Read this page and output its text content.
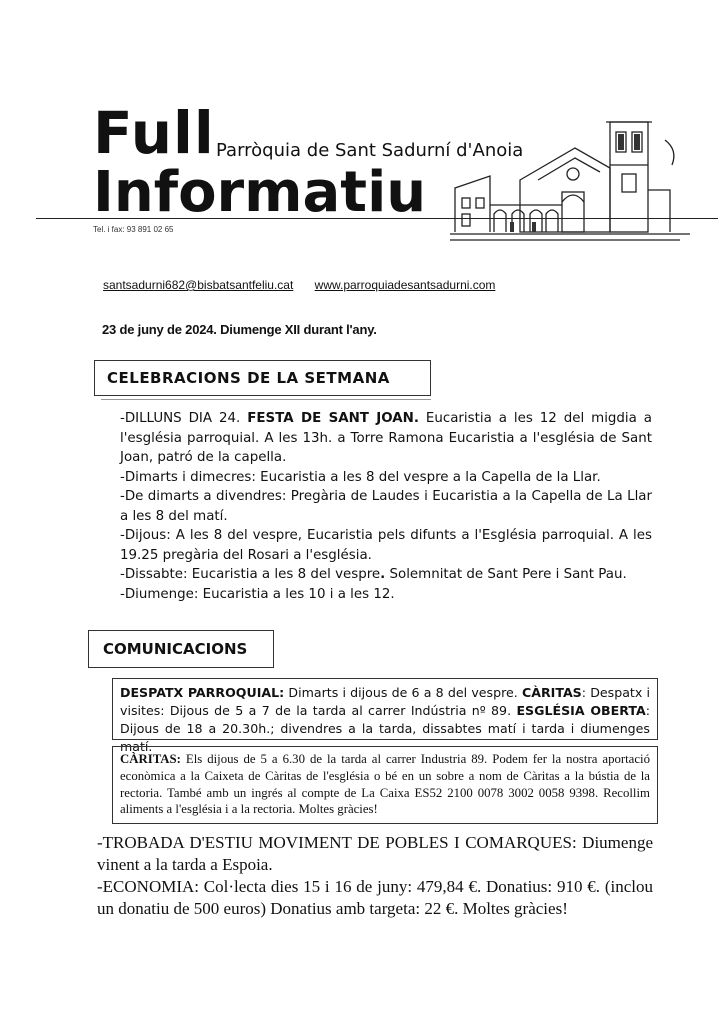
Full Parròquia de Sant Sadurní d'Anoia
Informatiu
Tel. i fax: 93 891 02 65
santsadurni682@bisbatsantfeliu.cat www.parroquiadesantsadurni.com
23 de juny de 2024. Diumenge XII durant l'any.
CELEBRACIONS DE LA SETMANA

-DILLUNS DIA 24. FESTA DE SANT JOAN. Eucaristia a les 12 del migdia a l'església parroquial. A les 13h. a Torre Ramona Eucaristia a l'església de Sant Joan, patró de la capella.

-Dimarts i dimecres: Eucaristia a les 8 del vespre a la Capella de la Llar.

-De dimarts a divendres: Pregària de Laudes i Eucaristia a la Capella de La Llar a les 8 del matí.

-Dijous: A les 8 del vespre, Eucaristia pels difunts a l'Església parroquial. A les 19.25 pregària del Rosari a l'església.

-Dissabte: Eucaristia a les 8 del vespre. Solemnitat de Sant Pere i Sant Pau.

-Diumenge: Eucaristia a les 10 i a les 12.

COMUNICACIONS
DESPATX PARROQUIAL: Dimarts i dijous de 6 a 8 del vespre. CÀRITAS: Despatx i visites: Dijous de 5 a 7 de la tarda al carrer Indústria nº 89. ESGLÉSIA OBERTA: Dijous de 18 a 20.30h.; divendres a la tarda, dissabtes matí i tarda i diumenges matí.
CÀRITAS: Els dijous de 5 a 6.30 de la tarda al carrer Industria 89. Podem fer la nostra aportació econòmica a la Caixeta de Càritas de l'església o bé en un sobre a nom de Càritas a la bústia de la rectoria. També amb un ingrés al compte de La Caixa ES52 2100 0078 3002 0058 9398. Recollim aliments a l'església i a la rectoria. Moltes gràcies!

-TROBADA D'ESTIU MOVIMENT DE POBLES I COMARQUES: Diumenge vinent a la tarda a Espoia.

-ECONOMIA: Col·lecta dies 15 i 16 de juny: 479,84 €. Donatius: 910 €. (inclou un donatiu de 500 euros) Donatius amb targeta: 22 €. Moltes gràcies!
